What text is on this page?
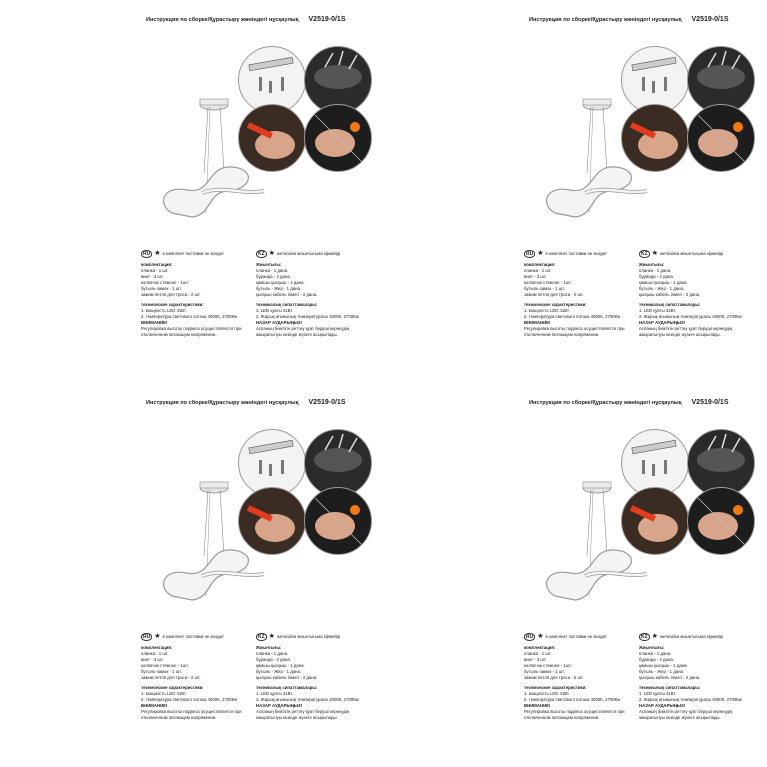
Инструкция по сборке/Құрастыру жөніндегі нұсқаулық V2519-0/1S
RU ★ в комплект поставки не входит
комплектация:
планка - 1 шт.
винт - 3 шт.
колпачок стяжное - 1шт.
бутыль-замок - 1 шт.
зажим петля для троса - 2 шт.
технические характеристики:
1. мощность LED 41Вт.
2. температура светового потока 4000К, 2700Кw
ВНИМАНИЕ!
Регулировка высоты подвеса осуществляется при отключенном питающем напряжении.
KZ ★ жеткізілім жиынтығына кірмейді
Жиынтығы:
планка - 1 дана.
бұранда - 2 дана.
қамшы қысқыш - 1 дана.
бутыль - Жер - 1 дана.
қысқыш кабель ілмегі - 2 дана.
техникалық сипаттамалары:
1. LED қуаты 41Вт.
2. Жарық ағынының температурасы 4000К, 2700Кw
НАЗАР АУДАРЫҢЫЗ!
Аспаның биіктігін реттеу қуат беруші кернеудің ажыратылуы кезінде жүзеге асырылады.
Инструкция по сборке/Құрастыру жөніндегі нұсқаулық V2519-0/1S
RU ★ в комплект поставки не входит
комплектация:
планка - 1 шт.
винт - 3 шт.
колпачок стяжное - 1шт.
бутыль-замок - 1 шт.
зажим петля для троса - 2 шт.
технические характеристики:
1. мощность LED 41Вт.
2. температура светового потока 4000К, 2700Кw
ВНИМАНИЕ!
Регулировка высоты подвеса осуществляется при отключенном питающем напряжении.
KZ ★ жеткізілім жиынтығына кірмейді
Жиынтығы:
планка - 1 дана.
бұранда - 2 дана.
қамшы қысқыш - 1 дана.
бутыль - Жер - 1 дана.
қысқыш кабель ілмегі - 2 дана.
техникалық сипаттамалары:
1. LED қуаты 41Вт.
2. Жарық ағынының температурасы 4000К, 2700Кw
НАЗАР АУДАРЫҢЫЗ!
Аспаның биіктігін реттеу қуат беруші кернеудің ажыратылуы кезінде жүзеге асырылады.
Инструкция по сборке/Құрастыру жөніндегі нұсқаулық V2519-0/1S
RU ★ в комплект поставки не входит
комплектация:
планка - 1 шт.
винт - 3 шт.
колпачок стяжное - 1шт.
бутыль-замок - 1 шт.
зажим петля для троса - 2 шт.
технические характеристики:
1. мощность LED 41Вт.
2. температура светового потока 4000К, 2700Кw
ВНИМАНИЕ!
Регулировка высоты подвеса осуществляется при отключенном питающем напряжении.
KZ ★ жеткізілім жиынтығына кірмейді
Жиынтығы:
планка - 1 дана.
бұранда - 2 дана.
қамшы қысқыш - 1 дана.
бутыль - Жер - 1 дана.
қысқыш кабель ілмегі - 2 дана.
техникалық сипаттамалары:
1. LED қуаты 41Вт.
2. Жарық ағынының температурасы 4000К, 2700Кw
НАЗАР АУДАРЫҢЫЗ!
Аспаның биіктігін реттеу қуат беруші кернеудің ажыратылуы кезінде жүзеге асырылады.
Инструкция по сборке/Құрастыру жөніндегі нұсқаулық V2519-0/1S
RU ★ в комплект поставки не входит
комплектация:
планка - 1 шт.
винт - 3 шт.
колпачок стяжное - 1шт.
бутыль-замок - 1 шт.
зажим петля для троса - 2 шт.
технические характеристики:
1. мощность LED 41Вт.
2. температура светового потока 4000К, 2700Кw
ВНИМАНИЕ!
Регулировка высоты подвеса осуществляется при отключенном питающем напряжении.
KZ ★ жеткізілім жиынтығына кірмейді
Жиынтығы:
планка - 1 дана.
бұранда - 2 дана.
қамшы қысқыш - 1 дана.
бутыль - Жер - 1 дана.
қысқыш кабель ілмегі - 2 дана.
техникалық сипаттамалары:
1. LED қуаты 41Вт.
2. Жарық ағынының температурасы 4000К, 2700Кw
НАЗАР АУДАРЫҢЫЗ!
Аспаның биіктігін реттеу қуат беруші кернеудің ажыратылуы кезінде жүзеге асырылады.
